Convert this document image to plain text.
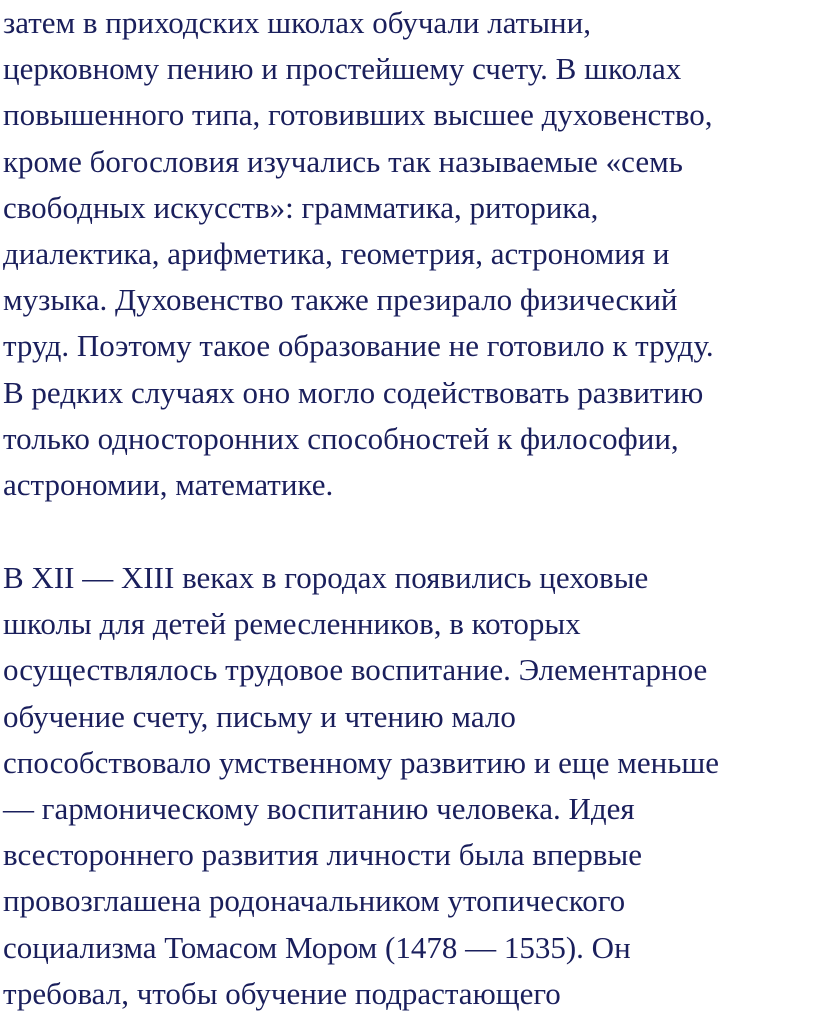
затем в приходских школах обучали латыни,
церковному пению и простейшему счету. В школах
повышенного типа, готовивших высшее духовенство,
кроме богословия изучались так называемые «семь
свободных искусств»: грамматика, риторика,
диалектика, арифметика, геометрия, астрономия и
музыка. Духовенство также презирало физический
труд. Поэтому такое образование не готовило к труду.
В редких случаях оно могло содействовать развитию
только односторонних способностей к философии,
астрономии, математике.
В XII — XIII веках в городах появились цеховые
школы для детей ремесленников, в которых
осуществлялось трудовое воспитание. Элементарное
обучение счету, письму и чтению мало
способствовало умственному развитию и еще меньше
— гармоническому воспитанию человека. Идея
всестороннего развития личности была впервые
провозглашена родоначальником утопического
социализма Томасом Мором (1478 — 1535). Он
требовал, чтобы обучение подрастающего
